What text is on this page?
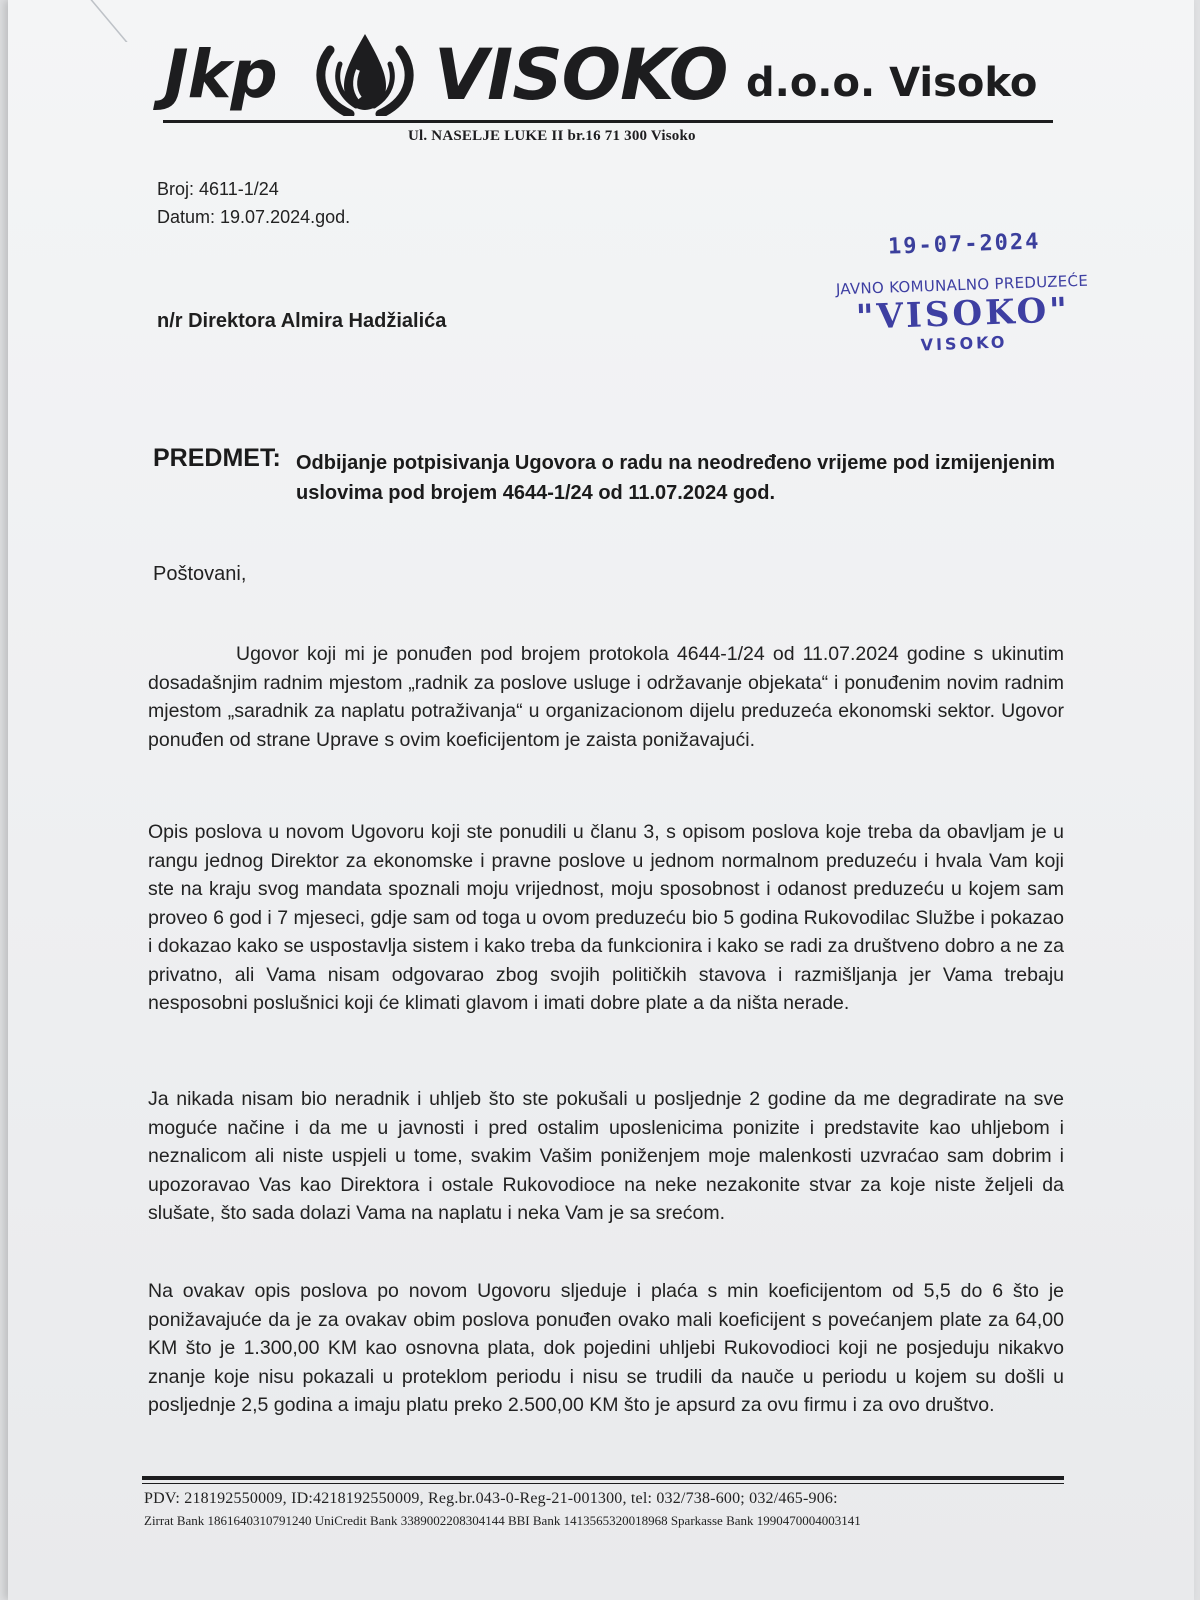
Jkp VISOKO d.o.o. Visoko
Ul. NASELJE LUKE II br.16 71 300 Visoko
Broj: 4611-1/24
Datum: 19.07.2024.god.
19-07-2024
JAVNO KOMUNALNO PREDUZEĆE
"VISOKO"
VISOKO
n/r Direktora Almira Hadžialića
PREDMET: Odbijanje potpisivanja Ugovora o radu na neodređeno vrijeme pod izmijenjenim uslovima pod brojem 4644-1/24 od 11.07.2024 god.
Poštovani,
Ugovor koji mi je ponuđen pod brojem protokola 4644-1/24 od 11.07.2024 godine s ukinutim dosadašnjim radnim mjestom „radnik za poslove usluge i održavanje objekata“ i ponuđenim novim radnim mjestom „saradnik za naplatu potraživanja“ u organizacionom dijelu preduzeća ekonomski sektor. Ugovor ponuđen od strane Uprave s ovim koeficijentom je zaista ponižavajući.
Opis poslova u novom Ugovoru koji ste ponudili u članu 3, s opisom poslova koje treba da obavljam je u rangu jednog Direktor za ekonomske i pravne poslove u jednom normalnom preduzeću i hvala Vam koji ste na kraju svog mandata spoznali moju vrijednost, moju sposobnost i odanost preduzeću u kojem sam proveo 6 god i 7 mjeseci, gdje sam od toga u ovom preduzeću bio 5 godina Rukovodilac Službe i pokazao i dokazao kako se uspostavlja sistem i kako treba da funkcionira i kako se radi za društveno dobro a ne za privatno, ali Vama nisam odgovarao zbog svojih političkih stavova i razmišljanja jer Vama trebaju nesposobni poslušnici koji će klimati glavom i imati dobre plate a da ništa nerade.
Ja nikada nisam bio neradnik i uhljeb što ste pokušali u posljednje 2 godine da me degradirate na sve moguće načine i da me u javnosti i pred ostalim uposlenicima ponizite i predstavite kao uhljebom i neznalicom ali niste uspjeli u tome, svakim Vašim poniženjem moje malenkosti uzvraćao sam dobrim i upozoravao Vas kao Direktora i ostale Rukovodioce na neke nezakonite stvar za koje niste željeli da slušate, što sada dolazi Vama na naplatu i neka Vam je sa srećom.
Na ovakav opis poslova po novom Ugovoru sljeduje i plaća s min koeficijentom od 5,5 do 6 što je ponižavajuće da je za ovakav obim poslova ponuđen ovako mali koeficijent s povećanjem plate za 64,00 KM što je 1.300,00 KM kao osnovna plata, dok pojedini uhljebi Rukovodioci koji ne posjeduju nikakvo znanje koje nisu pokazali u proteklom periodu i nisu se trudili da nauče u periodu u kojem su došli u posljednje 2,5 godina a imaju platu preko 2.500,00 KM što je apsurd za ovu firmu i za ovo društvo.
PDV: 218192550009, ID:4218192550009, Reg.br.043-0-Reg-21-001300, tel: 032/738-600; 032/465-906:
Zirrat Bank 1861640310791240 UniCredit Bank 3389002208304144 BBI Bank 1413565320018968 Sparkasse Bank 1990470004003141
